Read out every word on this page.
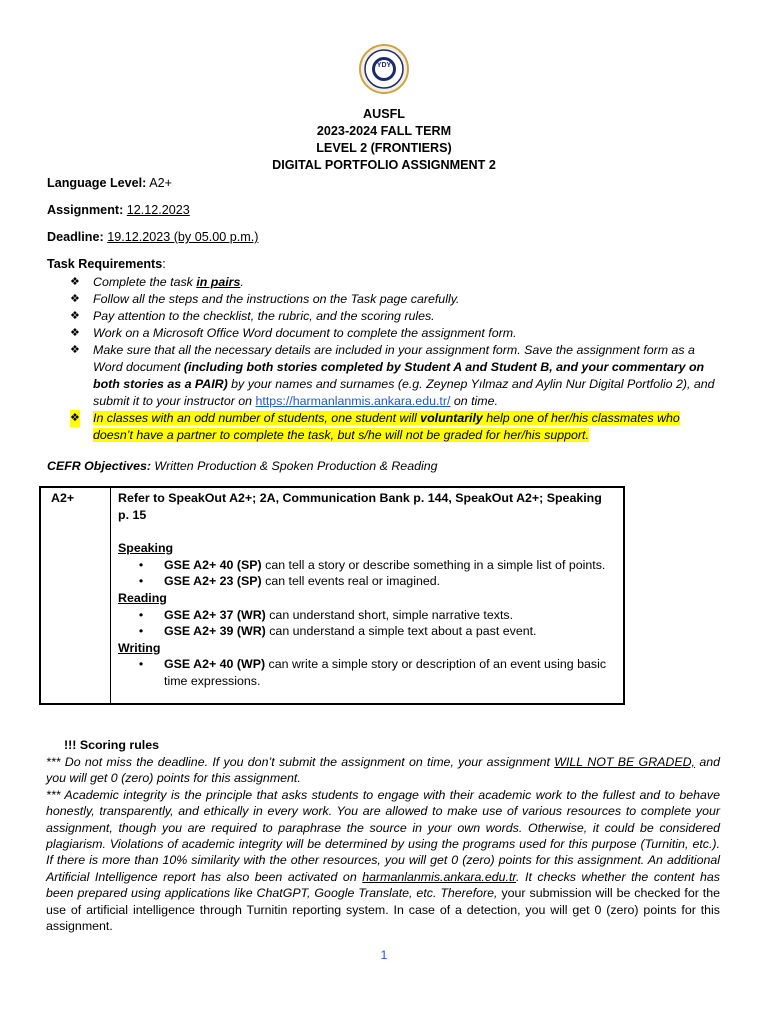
YDY
AUSFL
2023-2024 FALL TERM
LEVEL 2 (FRONTIERS)
DIGITAL PORTFOLIO ASSIGNMENT 2
Language Level: A2+
Assignment: 12.12.2023
Deadline: 19.12.2023 (by 05.00 p.m.)
Task Requirements:
❖ Complete the task in pairs.
❖ Follow all the steps and the instructions on the Task page carefully.
❖ Pay attention to the checklist, the rubric, and the scoring rules.
❖ Work on a Microsoft Office Word document to complete the assignment form.
❖ Make sure that all the necessary details are included in your assignment form. Save the assignment form as a Word document (including both stories completed by Student A and Student B, and your commentary on both stories as a PAIR) by your names and surnames (e.g. Zeynep Yılmaz and Aylin Nur Digital Portfolio 2), and submit it to your instructor on https://harmanlanmis.ankara.edu.tr/ on time.
❖ In classes with an odd number of students, one student will voluntarily help one of her/his classmates who doesn’t have a partner to complete the task, but s/he will not be graded for her/his support.
CEFR Objectives: Written Production & Spoken Production & Reading
A2+	Refer to SpeakOut A2+; 2A, Communication Bank p. 144, SpeakOut A2+; Speaking p. 15
Speaking
•	GSE A2+ 40 (SP) can tell a story or describe something in a simple list of points.
•	GSE A2+ 23 (SP) can tell events real or imagined.
Reading
•	GSE A2+ 37 (WR) can understand short, simple narrative texts.
•	GSE A2+ 39 (WR) can understand a simple text about a past event.
Writing
•	GSE A2+ 40 (WP) can write a simple story or description of an event using basic time expressions.
!!! Scoring rules
*** Do not miss the deadline. If you don’t submit the assignment on time, your assignment WILL NOT BE GRADED, and you will get 0 (zero) points for this assignment.
*** Academic integrity is the principle that asks students to engage with their academic work to the fullest and to behave honestly, transparently, and ethically in every work. You are allowed to make use of various resources to complete your assignment, though you are required to paraphrase the source in your own words. Otherwise, it could be considered plagiarism. Violations of academic integrity will be determined by using the programs used for this purpose (Turnitin, etc.). If there is more than 10% similarity with the other resources, you will get 0 (zero) points for this assignment. An additional Artificial Intelligence report has also been activated on harmanlanmis.ankara.edu.tr. It checks whether the content has been prepared using applications like ChatGPT, Google Translate, etc. Therefore, your submission will be checked for the use of artificial intelligence through Turnitin reporting system. In case of a detection, you will get 0 (zero) points for this assignment.
1
